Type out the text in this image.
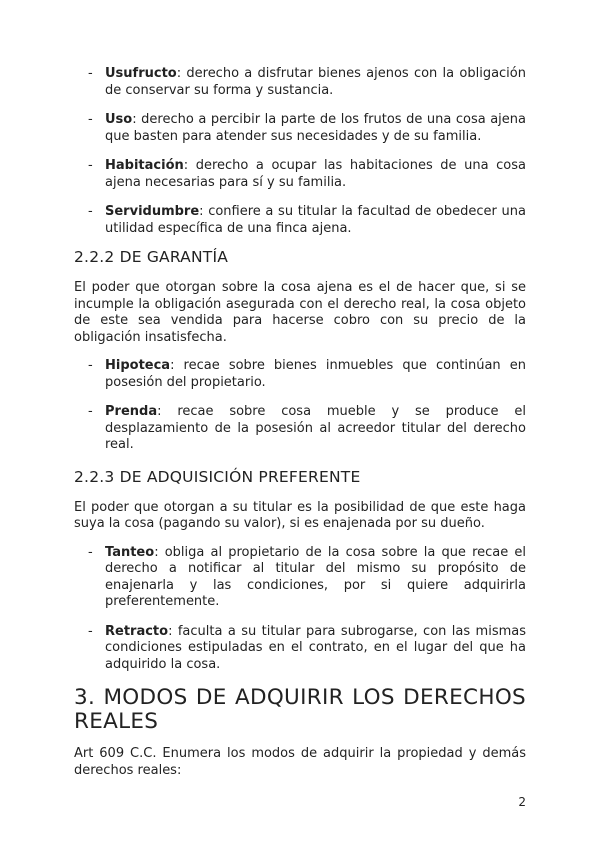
- Usufructo: derecho a disfrutar bienes ajenos con la obligación de conservar su forma y sustancia.
- Uso: derecho a percibir la parte de los frutos de una cosa ajena que basten para atender sus necesidades y de su familia.
- Habitación: derecho a ocupar las habitaciones de una cosa ajena necesarias para sí y su familia.
- Servidumbre: confiere a su titular la facultad de obedecer una utilidad específica de una finca ajena.
2.2.2 DE GARANTÍA

El poder que otorgan sobre la cosa ajena es el de hacer que, si se incumple la obligación asegurada con el derecho real, la cosa objeto de este sea vendida para hacerse cobro con su precio de la obligación insatisfecha.

- Hipoteca: recae sobre bienes inmuebles que continúan en posesión del propietario.
- Prenda: recae sobre cosa mueble y se produce el desplazamiento de la posesión al acreedor titular del derecho real.
2.2.3 DE ADQUISICIÓN PREFERENTE

El poder que otorgan a su titular es la posibilidad de que este haga suya la cosa (pagando su valor), si es enajenada por su dueño.

- Tanteo: obliga al propietario de la cosa sobre la que recae el derecho a notificar al titular del mismo su propósito de enajenarla y las condiciones, por si quiere adquirirla preferentemente.
- Retracto: faculta a su titular para subrogarse, con las mismas condiciones estipuladas en el contrato, en el lugar del que ha adquirido la cosa.
3. MODOS DE ADQUIRIR LOS DERECHOS REALES

Art 609 C.C. Enumera los modos de adquirir la propiedad y demás derechos reales:

2
